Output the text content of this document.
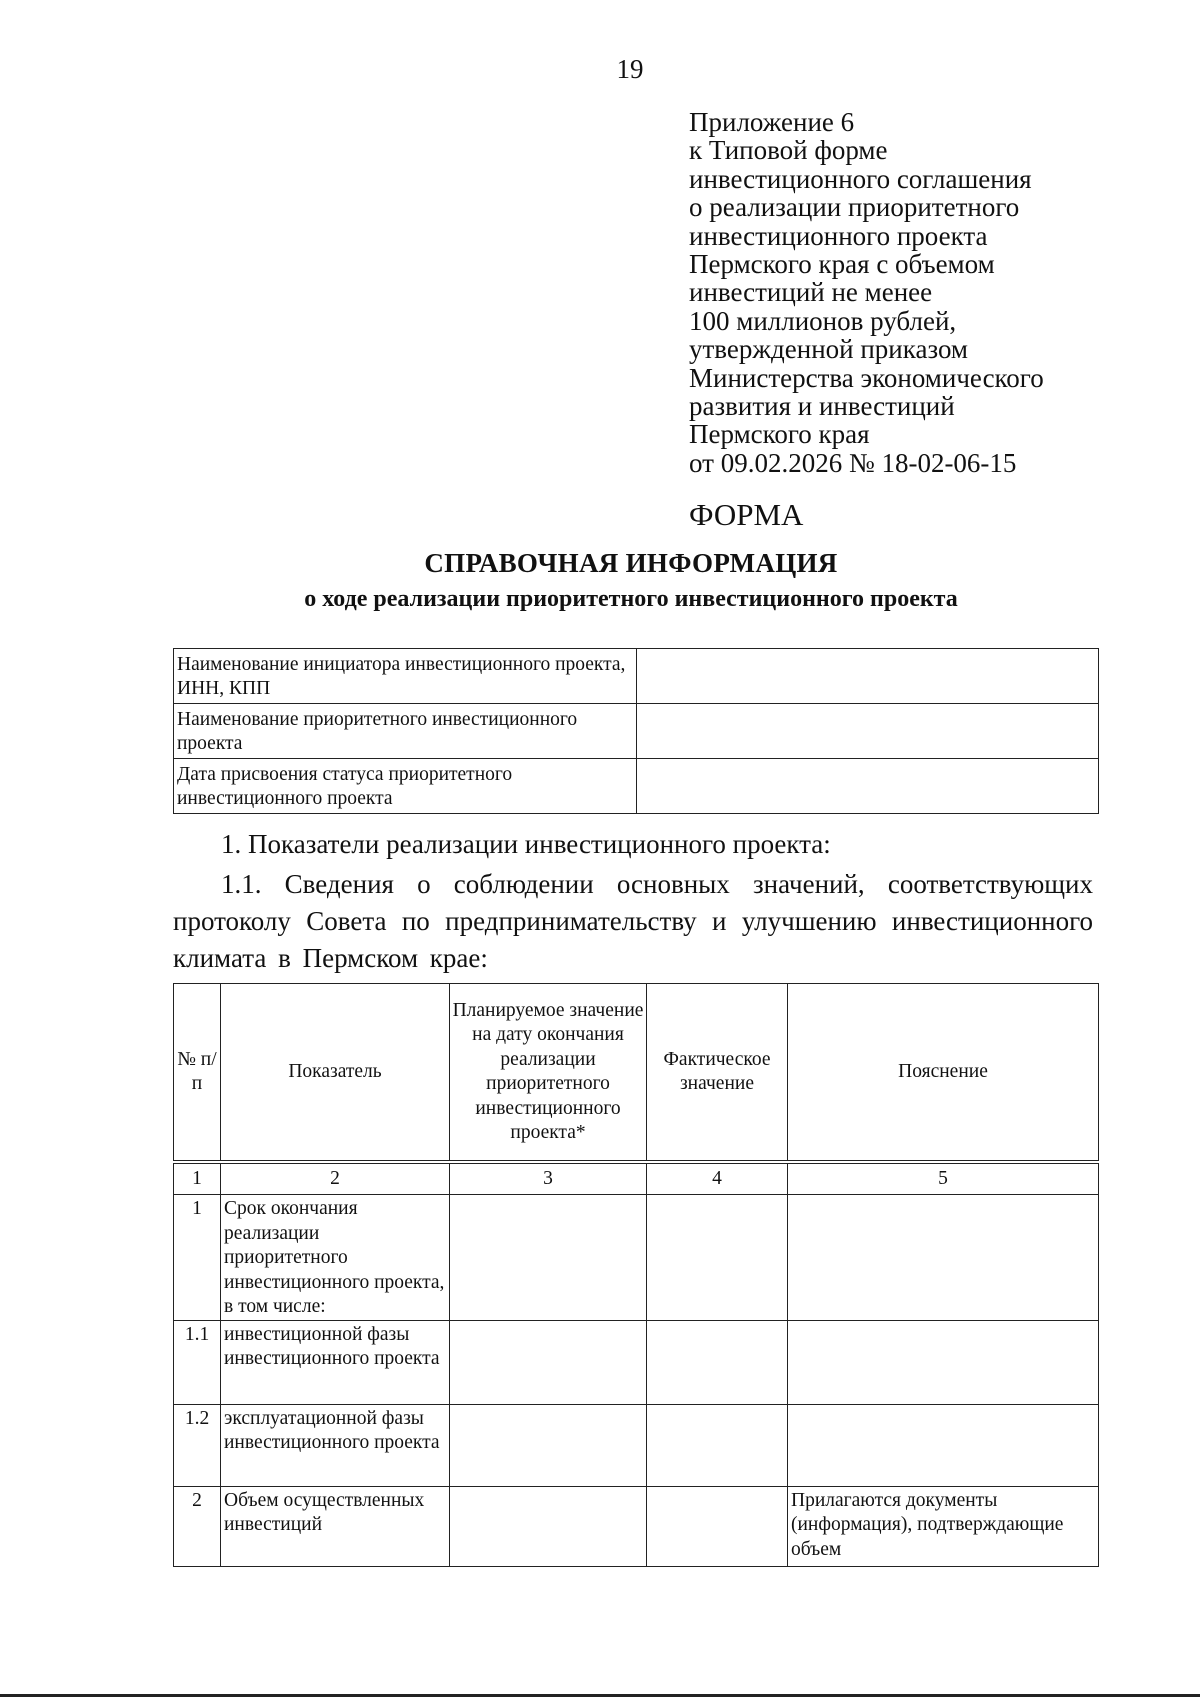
19
Приложение 6
к Типовой форме
инвестиционного соглашения
о реализации приоритетного
инвестиционного проекта
Пермского края с объемом
инвестиций не менее
100 миллионов рублей,
утвержденной приказом
Министерства экономического
развития и инвестиций
Пермского края
от 09.02.2026 № 18-02-06-15
ФОРМА
СПРАВОЧНАЯ ИНФОРМАЦИЯ
о ходе реализации приоритетного инвестиционного проекта
Наименование инициатора инвестиционного проекта, ИНН, КПП	
Наименование приоритетного инвестиционного проекта	
Дата присвоения статуса приоритетного инвестиционного проекта	
1. Показатели реализации инвестиционного проекта:
1.1. Сведения о соблюдении основных значений, соответствующих протоколу Совета по предпринимательству и улучшению инвестиционного климата в Пермском крае:
№ п/п	Показатель	Планируемое значение на дату окончания реализации приоритетного инвестиционного проекта*	Фактическое значение	Пояснение
1	2	3	4	5
1	Срок окончания реализации приоритетного инвестиционного проекта, в том числе:			
1.1	инвестиционной фазы инвестиционного проекта			
1.2	эксплуатационной фазы инвестиционного проекта			
2	Объем осуществленных инвестиций			Прилагаются документы (информация), подтверждающие объем
